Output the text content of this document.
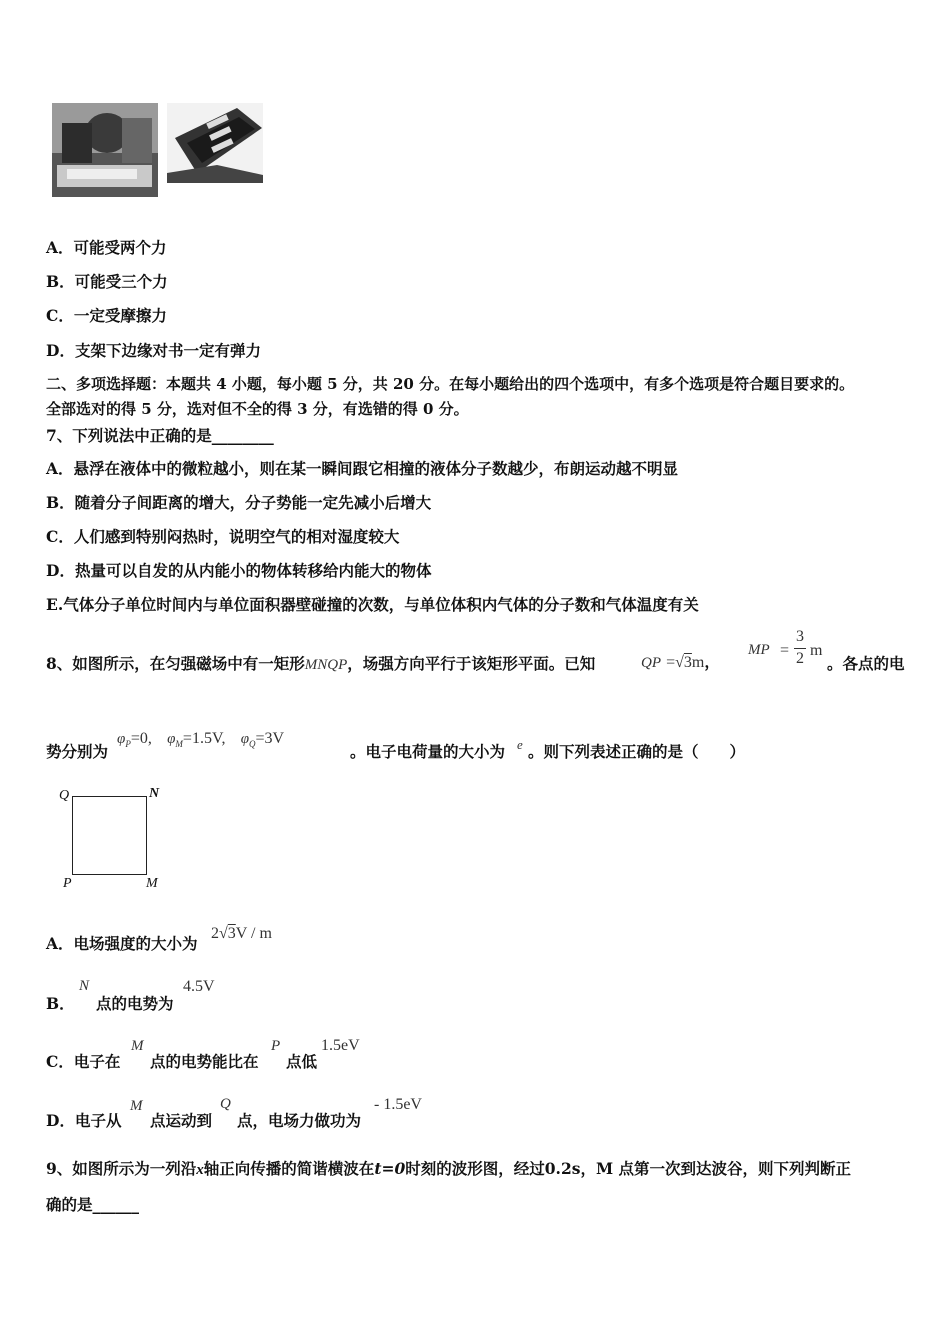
A．可能受两个力
B．可能受三个力
C．一定受摩擦力
D．支架下边缘对书一定有弹力
二、多项选择题：本题共 4 小题，每小题 5 分，共 20 分。在每小题给出的四个选项中，有多个选项是符合题目要求的。
全部选对的得 5 分，选对但不全的得 3 分，有选错的得 0 分。
7、下列说法中正确的是________
A．悬浮在液体中的微粒越小，则在某一瞬间跟它相撞的液体分子数越少，布朗运动越不明显
B．随着分子间距离的增大，分子势能一定先减小后增大
C．人们感到特别闷热时，说明空气的相对湿度较大
D．热量可以自发的从内能小的物体转移给内能大的物体
E.气体分子单位时间内与单位面积器壁碰撞的次数，与单位体积内气体的分子数和气体温度有关
8、如图所示，在匀强磁场中有一矩形MNQP，场强方向平行于该矩形平面。已知	QP =√3m，
MP =
3
2 m
。各点的电
势分别为
$\varphi_P=0$, $\varphi_M=1.5V$, $\varphi_Q=3V$
。电子电荷量的大小为 e 。则下列表述正确的是（　　）
Q	N
P	M
A．电场强度的大小为
2√3V / m
B．
N
点的电势为
4.5V
C．电子在
M
点的电势能比在
P
点低
1.5eV
D．电子从
M
点运动到
Q
点，电场力做功为
- 1.5eV
9、如图所示为一列沿x轴正向传播的简谐横波在t=0时刻的波形图，经过0.2s，M 点第一次到达波谷，则下列判断正
确的是______
